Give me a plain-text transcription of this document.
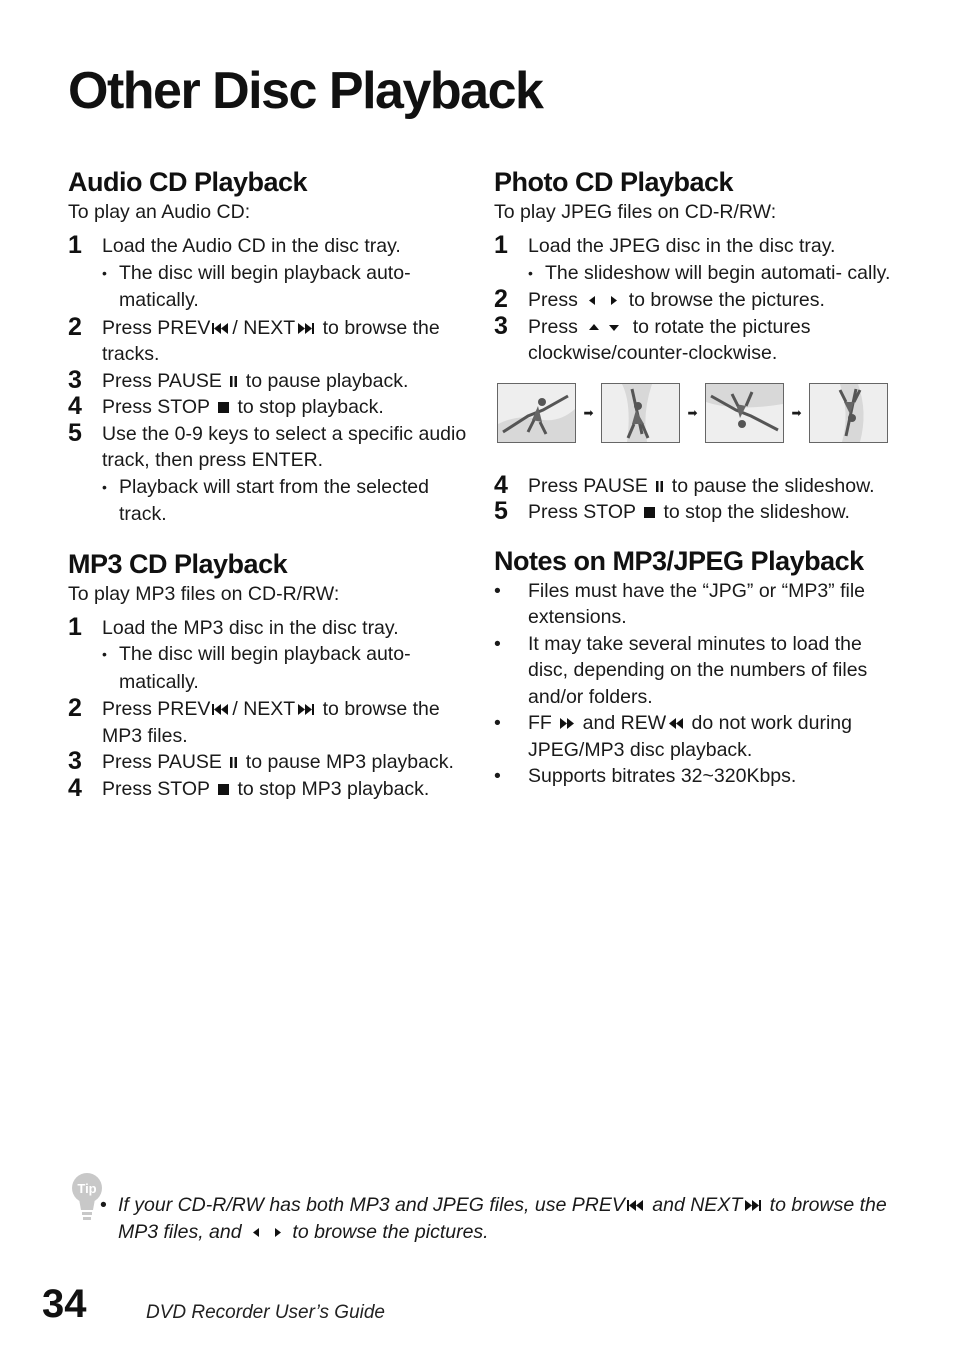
Other Disc Playback
Audio CD Playback

To play an Audio CD:

1	Load the Audio CD in the disc tray.
• The disc will begin playback auto- matically.
2	Press PREV / NEXT to browse the tracks.
3	Press PAUSE to pause playback.
4	Press STOP to stop playback.
5	Use the 0-9 keys to select a specific audio track, then press ENTER.
• Playback will start from the selected track.
MP3 CD Playback

To play MP3 files on CD-R/RW:

1	Load the MP3 disc in the disc tray.
• The disc will begin playback auto- matically.
2	Press PREV / NEXT to browse the MP3 files.
3	Press PAUSE to pause MP3 playback.
4	Press STOP to stop MP3 playback.
Photo CD Playback

To play JPEG files on CD-R/RW:

1	Load the JPEG disc in the disc tray.
• The slideshow will begin automati- cally.
2	Press	to browse the pictures.
3	Press	to rotate the pictures clockwise/counter-clockwise.
➡	➡	➡
4	Press PAUSE to pause the slideshow.
5	Press STOP to stop the slideshow.
Notes on MP3/JPEG Playback
•	Files must have the “JPG” or “MP3” file extensions.
•	It may take several minutes to load the disc, depending on the numbers of files and/or folders.
•	FF and REW do not work during JPEG/MP3 disc playback.
•	Supports bitrates 32~320Kbps.
Tip
• If your CD-R/RW has both MP3 and JPEG files, use PREV and NEXT to browse the MP3 files, and	to browse the pictures.

34	DVD Recorder User’s Guide
